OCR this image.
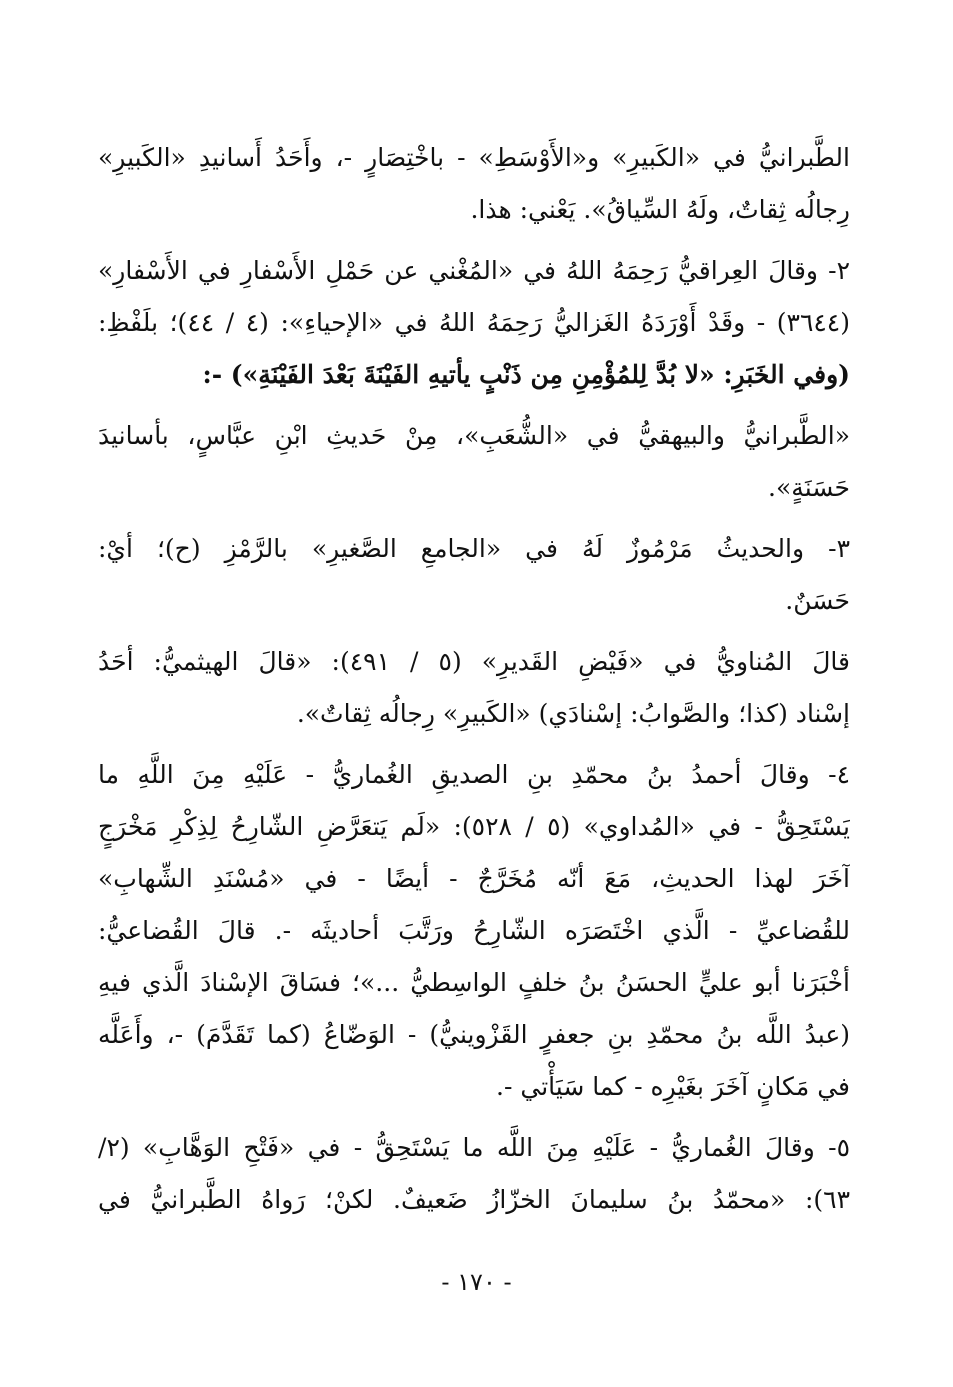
الطَّبرانيُّ في «الكَبيرِ» و«الأَوْسَطِ» - باخْتِصَارٍ -، وأَحَدُ أَسانيدِ «الكَبيرِ»
رِجالُه ثِقاتٌ، ولَهُ السِّياقُ». يَعْني: هذا.
٢- وقالَ العِراقيُّ رَحِمَهُ اللهُ في «المُغْني عن حَمْلِ الأَسْفارِ في الأَسْفارِ»
(٣٦٤٤) - وقَدْ أَوْرَدَهُ الغَزاليُّ رَحِمَهُ اللهُ في «الإحياءِ»: (٤ / ٤٤)؛ بلَفْظِ:
(وفي الخَبَرِ: «لا بُدَّ لِلمُؤْمِنِ مِن ذَنْبٍ يأتيهِ الفَيْنَةَ بَعْدَ الفَيْنَةِ») -:
«الطَّبرانيُّ والبيهقيُّ في «الشُّعَبِ»، مِنْ حَديثِ ابْنِ عبَّاسٍ، بأسانيدَ
حَسَنَةٍ».
٣- والحديثُ مَرْمُوزٌ لَهُ في «الجامعِ الصَّغيرِ» بالرَّمْزِ (ح)؛ أيْ:
حَسَنٌ.
قالَ المُناويُّ في «فَيْضِ القَديرِ» (٥ / ٤٩١): «قالَ الهيثميُّ: أحَدُ
إسْناد (كذا؛ والصَّوابُ: إسْنادَي) «الكَبيرِ» رِجالُه ثِقاتٌ».
٤- وقالَ أحمدُ بنُ محمّدِ بنِ الصديقِ الغُماريُّ - عَلَيْهِ مِنَ اللَّهِ ما
يَسْتَحِقُّ - في «المُداوي» (٥ / ٥٢٨): «لَم يَتعَرَّضِ الشّارِحُ لِذِكْرِ مَخْرَجٍ
آخَرَ لهذا الحديثِ، مَعَ أنّه مُخَرَّجٌ - أيضًا - في «مُسْنَدِ الشِّهابِ»
للقُضاعيِّ - الَّذي اخْتَصَرَه الشّارِحُ ورَتَّبَ أحاديثَه -. قالَ القُضاعيُّ:
أخْبَرَنا أبو عليٍّ الحسَنُ بنُ خلفٍ الواسِطيُّ ...»؛ فسَاقَ الإسْنادَ الَّذي فيهِ
(عبدُ اللَّه بنُ محمّدِ بنِ جعفرٍ القَزْوينيُّ) - الوَضّاعُ (كما تَقَدَّمَ) -، وأَعَلَّه
في مَكانٍ آخَرَ بغَيْرِه - كما سَيَأْتي -.
٥- وقالَ الغُماريُّ - عَلَيْهِ مِنَ اللَّه ما يَسْتَحِقُّ - في «فَتْحِ الوَهَّابِ» (٢/
٦٣): «محمّدُ بنُ سليمانَ الخزّازُ ضَعيفٌ. لكنْ؛ رَواهُ الطَّبرانيُّ في
- ١٧٠ -
